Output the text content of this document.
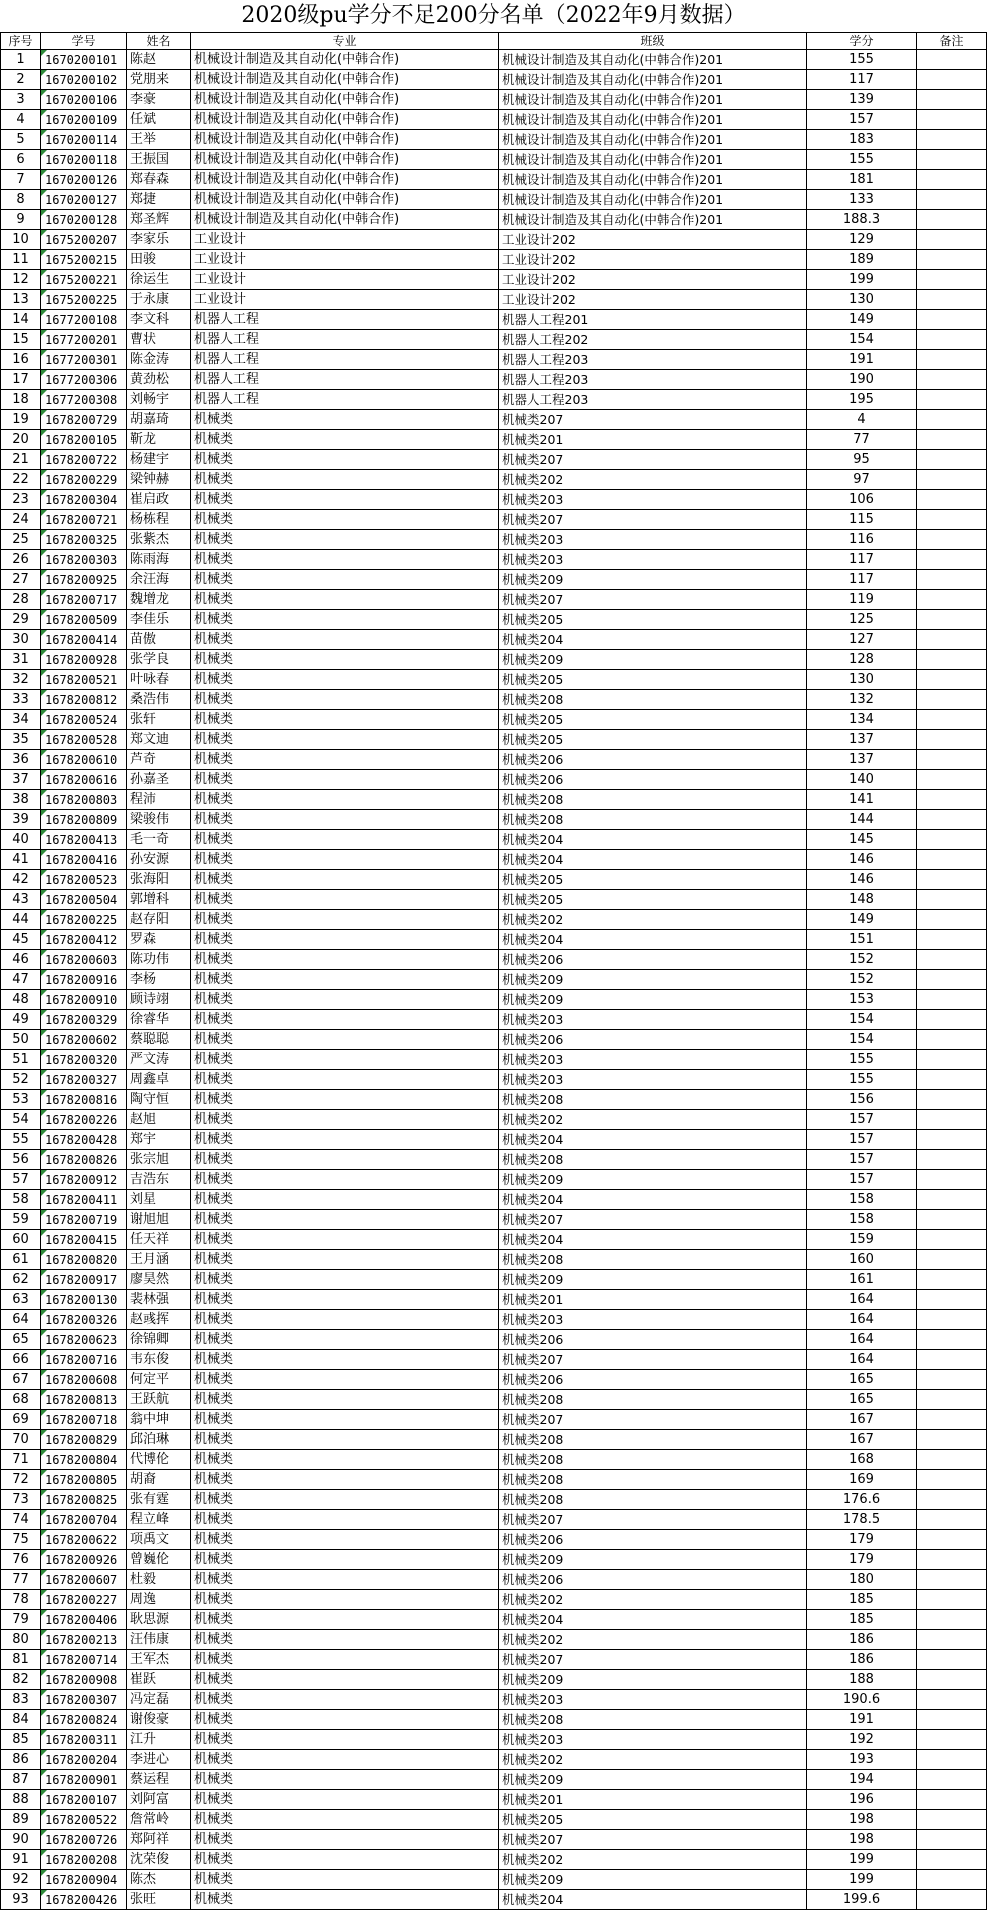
2020级pu学分不足200分名单（2022年9月数据）
序号	学号	姓名	专业	班级	学分	备注
1	1670200101	陈赵	机械设计制造及其自动化(中韩合作)	机械设计制造及其自动化(中韩合作)201	155	
2	1670200102	党朋来	机械设计制造及其自动化(中韩合作)	机械设计制造及其自动化(中韩合作)201	117	
3	1670200106	李豪	机械设计制造及其自动化(中韩合作)	机械设计制造及其自动化(中韩合作)201	139	
4	1670200109	任斌	机械设计制造及其自动化(中韩合作)	机械设计制造及其自动化(中韩合作)201	157	
5	1670200114	王举	机械设计制造及其自动化(中韩合作)	机械设计制造及其自动化(中韩合作)201	183	
6	1670200118	王振国	机械设计制造及其自动化(中韩合作)	机械设计制造及其自动化(中韩合作)201	155	
7	1670200126	郑春森	机械设计制造及其自动化(中韩合作)	机械设计制造及其自动化(中韩合作)201	181	
8	1670200127	郑捷	机械设计制造及其自动化(中韩合作)	机械设计制造及其自动化(中韩合作)201	133	
9	1670200128	郑圣辉	机械设计制造及其自动化(中韩合作)	机械设计制造及其自动化(中韩合作)201	188.3	
10	1675200207	李家乐	工业设计	工业设计202	129	
11	1675200215	田骏	工业设计	工业设计202	189	
12	1675200221	徐运生	工业设计	工业设计202	199	
13	1675200225	于永康	工业设计	工业设计202	130	
14	1677200108	李文科	机器人工程	机器人工程201	149	
15	1677200201	曹状	机器人工程	机器人工程202	154	
16	1677200301	陈金涛	机器人工程	机器人工程203	191	
17	1677200306	黄劲松	机器人工程	机器人工程203	190	
18	1677200308	刘畅宇	机器人工程	机器人工程203	195	
19	1678200729	胡嘉琦	机械类	机械类207	4	
20	1678200105	靳龙	机械类	机械类201	77	
21	1678200722	杨建宇	机械类	机械类207	95	
22	1678200229	梁钟赫	机械类	机械类202	97	
23	1678200304	崔启政	机械类	机械类203	106	
24	1678200721	杨栋程	机械类	机械类207	115	
25	1678200325	张紫杰	机械类	机械类203	116	
26	1678200303	陈雨海	机械类	机械类203	117	
27	1678200925	余汪海	机械类	机械类209	117	
28	1678200717	魏增龙	机械类	机械类207	119	
29	1678200509	李佳乐	机械类	机械类205	125	
30	1678200414	苗傲	机械类	机械类204	127	
31	1678200928	张学良	机械类	机械类209	128	
32	1678200521	叶咏春	机械类	机械类205	130	
33	1678200812	桑浩伟	机械类	机械类208	132	
34	1678200524	张轩	机械类	机械类205	134	
35	1678200528	郑文迪	机械类	机械类205	137	
36	1678200610	芦奇	机械类	机械类206	137	
37	1678200616	孙嘉圣	机械类	机械类206	140	
38	1678200803	程沛	机械类	机械类208	141	
39	1678200809	梁骏伟	机械类	机械类208	144	
40	1678200413	毛一奇	机械类	机械类204	145	
41	1678200416	孙安源	机械类	机械类204	146	
42	1678200523	张海阳	机械类	机械类205	146	
43	1678200504	郭增科	机械类	机械类205	148	
44	1678200225	赵存阳	机械类	机械类202	149	
45	1678200412	罗森	机械类	机械类204	151	
46	1678200603	陈功伟	机械类	机械类206	152	
47	1678200916	李杨	机械类	机械类209	152	
48	1678200910	顾诗翊	机械类	机械类209	153	
49	1678200329	徐睿华	机械类	机械类203	154	
50	1678200602	蔡聪聪	机械类	机械类206	154	
51	1678200320	严文涛	机械类	机械类203	155	
52	1678200327	周鑫卓	机械类	机械类203	155	
53	1678200816	陶守恒	机械类	机械类208	156	
54	1678200226	赵旭	机械类	机械类202	157	
55	1678200428	郑宇	机械类	机械类204	157	
56	1678200826	张宗旭	机械类	机械类208	157	
57	1678200912	吉浩东	机械类	机械类209	157	
58	1678200411	刘星	机械类	机械类204	158	
59	1678200719	谢旭旭	机械类	机械类207	158	
60	1678200415	任天祥	机械类	机械类204	159	
61	1678200820	王月涵	机械类	机械类208	160	
62	1678200917	廖昊然	机械类	机械类209	161	
63	1678200130	裴林强	机械类	机械类201	164	
64	1678200326	赵彧挥	机械类	机械类203	164	
65	1678200623	徐锦卿	机械类	机械类206	164	
66	1678200716	韦东俊	机械类	机械类207	164	
67	1678200608	何定平	机械类	机械类206	165	
68	1678200813	王跃航	机械类	机械类208	165	
69	1678200718	翁中坤	机械类	机械类207	167	
70	1678200829	邱泊琳	机械类	机械类208	167	
71	1678200804	代博伦	机械类	机械类208	168	
72	1678200805	胡裔	机械类	机械类208	169	
73	1678200825	张有霆	机械类	机械类208	176.6	
74	1678200704	程立峰	机械类	机械类207	178.5	
75	1678200622	项禹文	机械类	机械类206	179	
76	1678200926	曾巍伦	机械类	机械类209	179	
77	1678200607	杜毅	机械类	机械类206	180	
78	1678200227	周逸	机械类	机械类202	185	
79	1678200406	耿思源	机械类	机械类204	185	
80	1678200213	汪伟康	机械类	机械类202	186	
81	1678200714	王军杰	机械类	机械类207	186	
82	1678200908	崔跃	机械类	机械类209	188	
83	1678200307	冯定磊	机械类	机械类203	190.6	
84	1678200824	谢俊豪	机械类	机械类208	191	
85	1678200311	江升	机械类	机械类203	192	
86	1678200204	李进心	机械类	机械类202	193	
87	1678200901	蔡运程	机械类	机械类209	194	
88	1678200107	刘阿富	机械类	机械类201	196	
89	1678200522	詹常岭	机械类	机械类205	198	
90	1678200726	郑阿祥	机械类	机械类207	198	
91	1678200208	沈荣俊	机械类	机械类202	199	
92	1678200904	陈杰	机械类	机械类209	199	
93	1678200426	张旺	机械类	机械类204	199.6	
